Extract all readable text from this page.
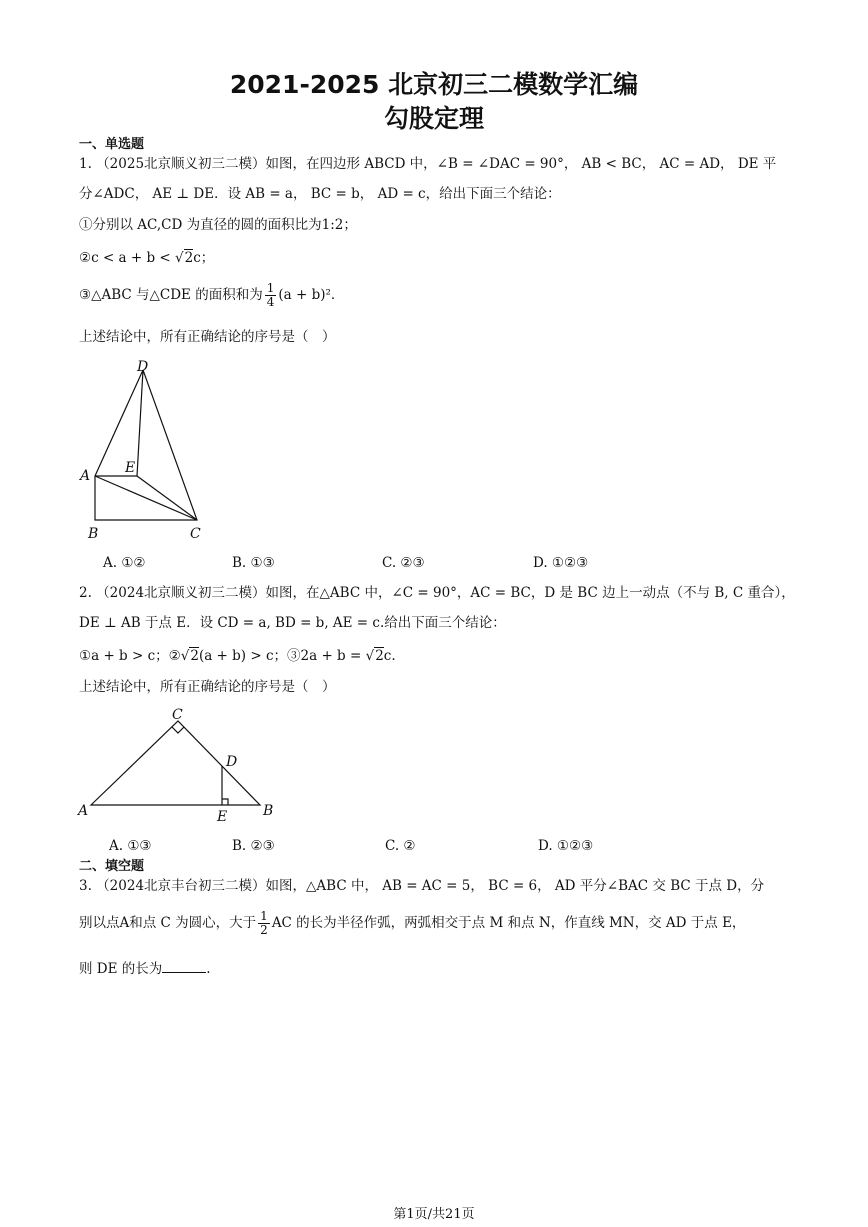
2021-2025 北京初三二模数学汇编
勾股定理
一、单选题
1. （2025北京顺义初三二模）如图，在四边形 ABCD 中，∠B = ∠DAC = 90°， AB < BC， AC = AD， DE 平
分∠ADC， AE ⊥ DE．设 AB = a， BC = b， AD = c，给出下面三个结论：
①分别以 AC,CD 为直径的圆的面积比为1:2；
②c < a + b < √2c；
③△ABC 与△CDE 的面积和为 $\frac{1}{4} (a + b)^2$．
上述结论中，所有正确结论的序号是（　）
D
A E
B	C
A. ①②	B. ①③	C. ②③	D. ①②③
2. （2024北京顺义初三二模）如图，在△ABC 中，∠C = 90°，AC = BC，D 是 BC 边上一动点（不与 B, C 重合），
DE ⊥ AB 于点 E．设 CD = a, BD = b, AE = c.给出下面三个结论：
①a + b > c；②√2(a + b) > c；③2a + b = √2c.
上述结论中，所有正确结论的序号是（　）
C
D
A	E	B
A. ①③	B. ②③	C. ②	D. ①②③
二、填空题
3. （2024北京丰台初三二模）如图，△ABC 中， AB = AC = 5， BC = 6， AD 平分∠BAC 交 BC 于点 D，分
别以点A和点 C 为圆心，大于 $\frac{1}{2}$ AC 的长为半径作弧，两弧相交于点 M 和点 N，作直线 MN，交 AD 于点 E，
则 DE 的长为	.
第1页/共21页
